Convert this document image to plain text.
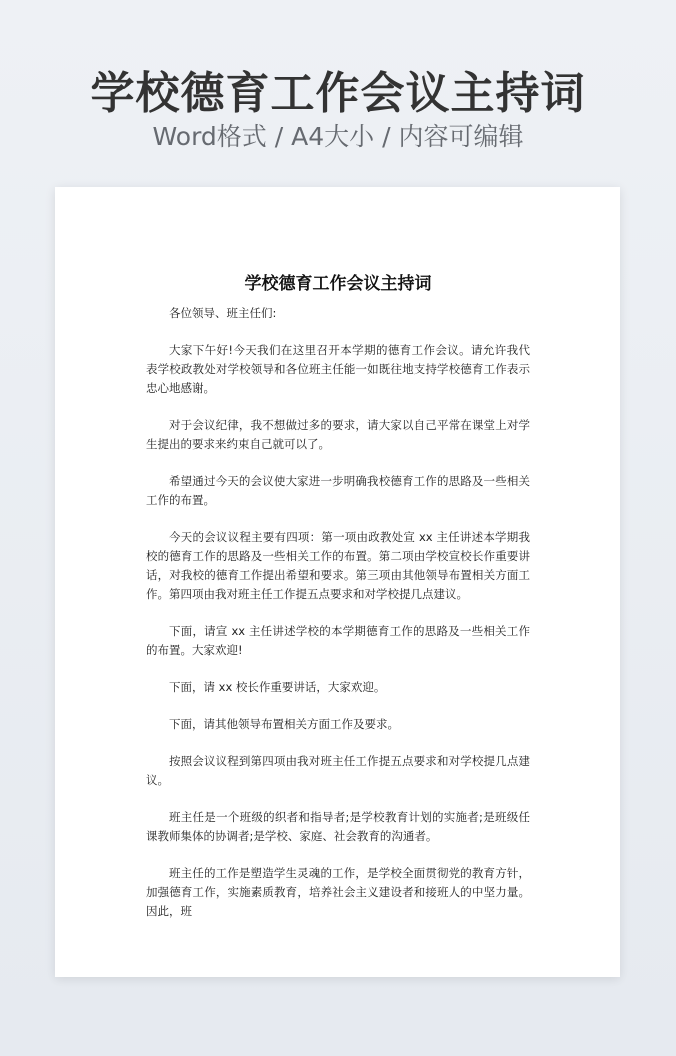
学校德育工作会议主持词
Word格式 / A4大小 / 内容可编辑
学校德育工作会议主持词

各位领导、班主任们:

大家下午好!今天我们在这里召开本学期的德育工作会议。请允许我代表学校政教处对学校领导和各位班主任能一如既往地支持学校德育工作表示忠心地感谢。

对于会议纪律，我不想做过多的要求，请大家以自己平常在课堂上对学生提出的要求来约束自己就可以了。

希望通过今天的会议使大家进一步明确我校德育工作的思路及一些相关工作的布置。

今天的会议议程主要有四项：第一项由政教处宣 xx 主任讲述本学期我校的德育工作的思路及一些相关工作的布置。第二项由学校宣校长作重要讲话，对我校的德育工作提出希望和要求。第三项由其他领导布置相关方面工作。第四项由我对班主任工作提五点要求和对学校提几点建议。

下面，请宣 xx 主任讲述学校的本学期德育工作的思路及一些相关工作的布置。大家欢迎!

下面，请 xx 校长作重要讲话，大家欢迎。

下面，请其他领导布置相关方面工作及要求。

按照会议议程到第四项由我对班主任工作提五点要求和对学校提几点建议。

班主任是一个班级的织者和指导者;是学校教育计划的实施者;是班级任课教师集体的协调者;是学校、家庭、社会教育的沟通者。

班主任的工作是塑造学生灵魂的工作，是学校全面贯彻党的教育方针，加强德育工作，实施素质教育，培养社会主义建设者和接班人的中坚力量。因此，班
